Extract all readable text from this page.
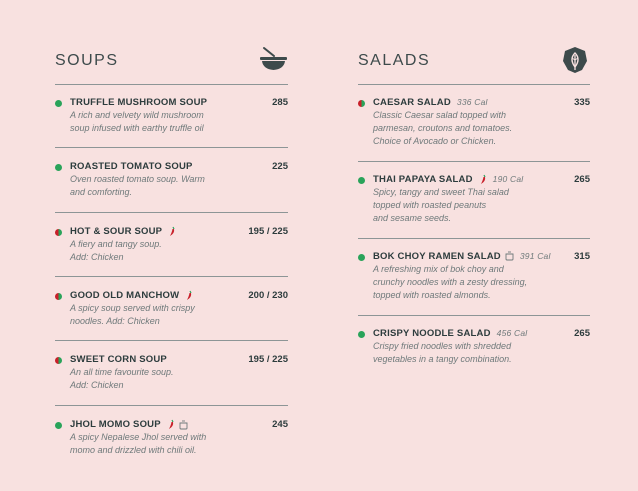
SOUPS
TRUFFLE MUSHROOM SOUP	285
A rich and velvety wild mushroom
soup infused with earthy truffle oil
ROASTED TOMATO SOUP	225
Oven roasted tomato soup. Warm
and comforting.
HOT & SOUR SOUP	195 / 225
A fiery and tangy soup.
Add: Chicken
GOOD OLD MANCHOW	200 / 230
A spicy soup served with crispy
noodles. Add: Chicken
SWEET CORN SOUP	195 / 225
An all time favourite soup.
Add: Chicken
JHOL MOMO SOUP	245
A spicy Nepalese Jhol served with
momo and drizzled with chili oil.
SALADS
CAESAR SALAD 336 Cal	335
Classic Caesar salad topped with
parmesan, croutons and tomatoes.
Choice of Avocado or Chicken.
THAI PAPAYA SALAD 190 Cal	265
Spicy, tangy and sweet Thai salad
topped with roasted peanuts
and sesame seeds.
BOK CHOY RAMEN SALAD 391 Cal 315
A refreshing mix of bok choy and
crunchy noodles with a zesty dressing,
topped with roasted almonds.
CRISPY NOODLE SALAD 456 Cal	265
Crispy fried noodles with shredded
vegetables in a tangy combination.
